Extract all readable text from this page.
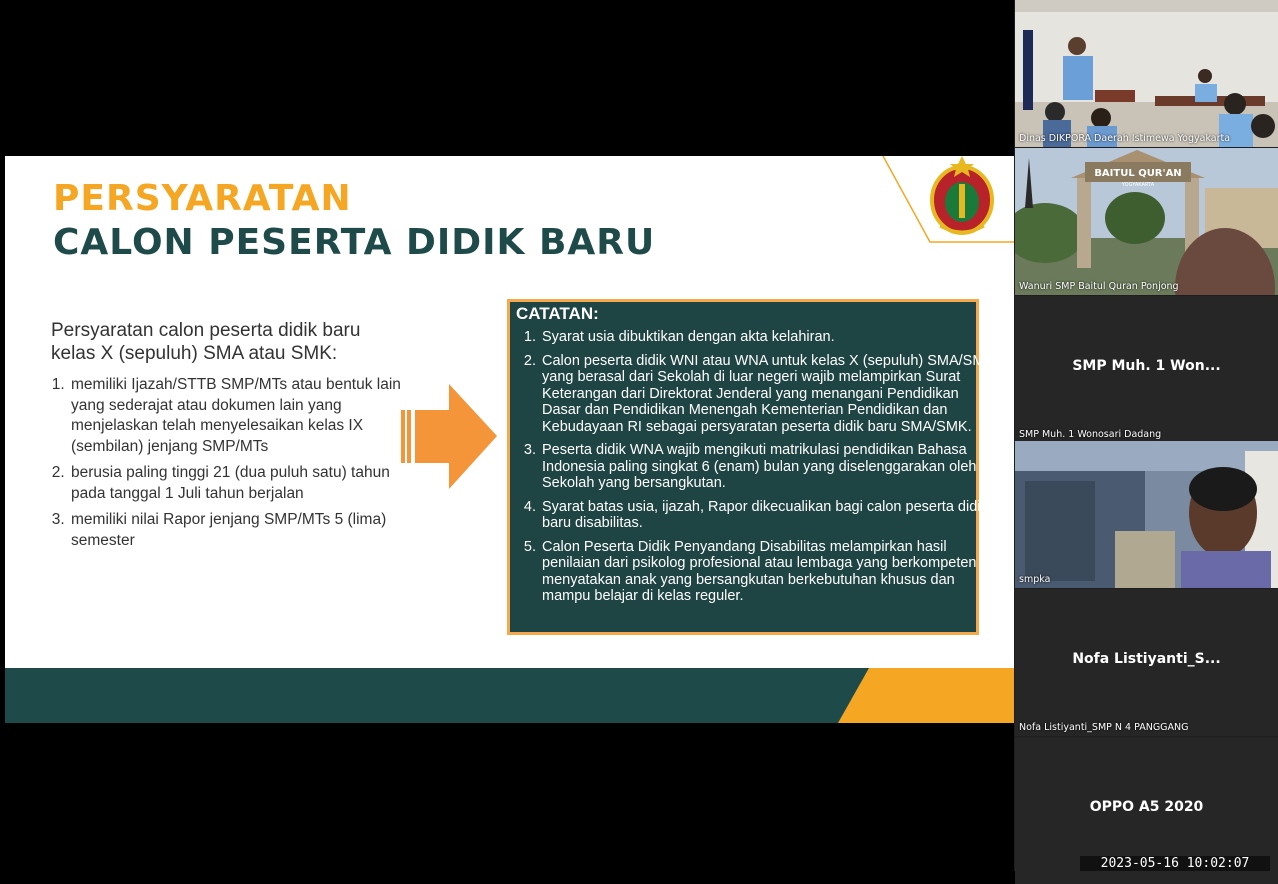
PERSYARATAN
CALON PESERTA DIDIK BARU
Persyaratan calon peserta didik baru kelas X (sepuluh) SMA atau SMK:
1. memiliki Ijazah/STTB SMP/MTs atau bentuk lain yang sederajat atau dokumen lain yang menjelaskan telah menyelesaikan kelas IX (sembilan) jenjang SMP/MTs
2. berusia paling tinggi 21 (dua puluh satu) tahun pada tanggal 1 Juli tahun berjalan
3. memiliki nilai Rapor jenjang SMP/MTs 5 (lima) semester
CATATAN:
1. Syarat usia dibuktikan dengan akta kelahiran.
2. Calon peserta didik WNI atau WNA untuk kelas X (sepuluh) SMA/SMK yang berasal dari Sekolah di luar negeri wajib melampirkan Surat Keterangan dari Direktorat Jenderal yang menangani Pendidikan Dasar dan Pendidikan Menengah Kementerian Pendidikan dan Kebudayaan RI sebagai persyaratan peserta didik baru SMA/SMK.
3. Peserta didik WNA wajib mengikuti matrikulasi pendidikan Bahasa Indonesia paling singkat 6 (enam) bulan yang diselenggarakan oleh Sekolah yang bersangkutan.
4. Syarat batas usia, ijazah, Rapor dikecualikan bagi calon peserta didik baru disabilitas.
5. Calon Peserta Didik Penyandang Disabilitas melampirkan hasil penilaian dari psikolog profesional atau lembaga yang berkompeten menyatakan anak yang bersangkutan berkebutuhan khusus dan mampu belajar di kelas reguler.
Dinas DIKPORA Daerah Istimewa Yogyakarta
BAITUL QUR'AN
YOGYAKARTA
Wanuri SMP Baitul Quran Ponjong
SMP Muh. 1 Won...
SMP Muh. 1 Wonosari Dadang
smpka
Nofa Listiyanti_S...
Nofa Listiyanti_SMP N 4 PANGGANG
OPPO A5 2020
2023-05-16 10:02:07
